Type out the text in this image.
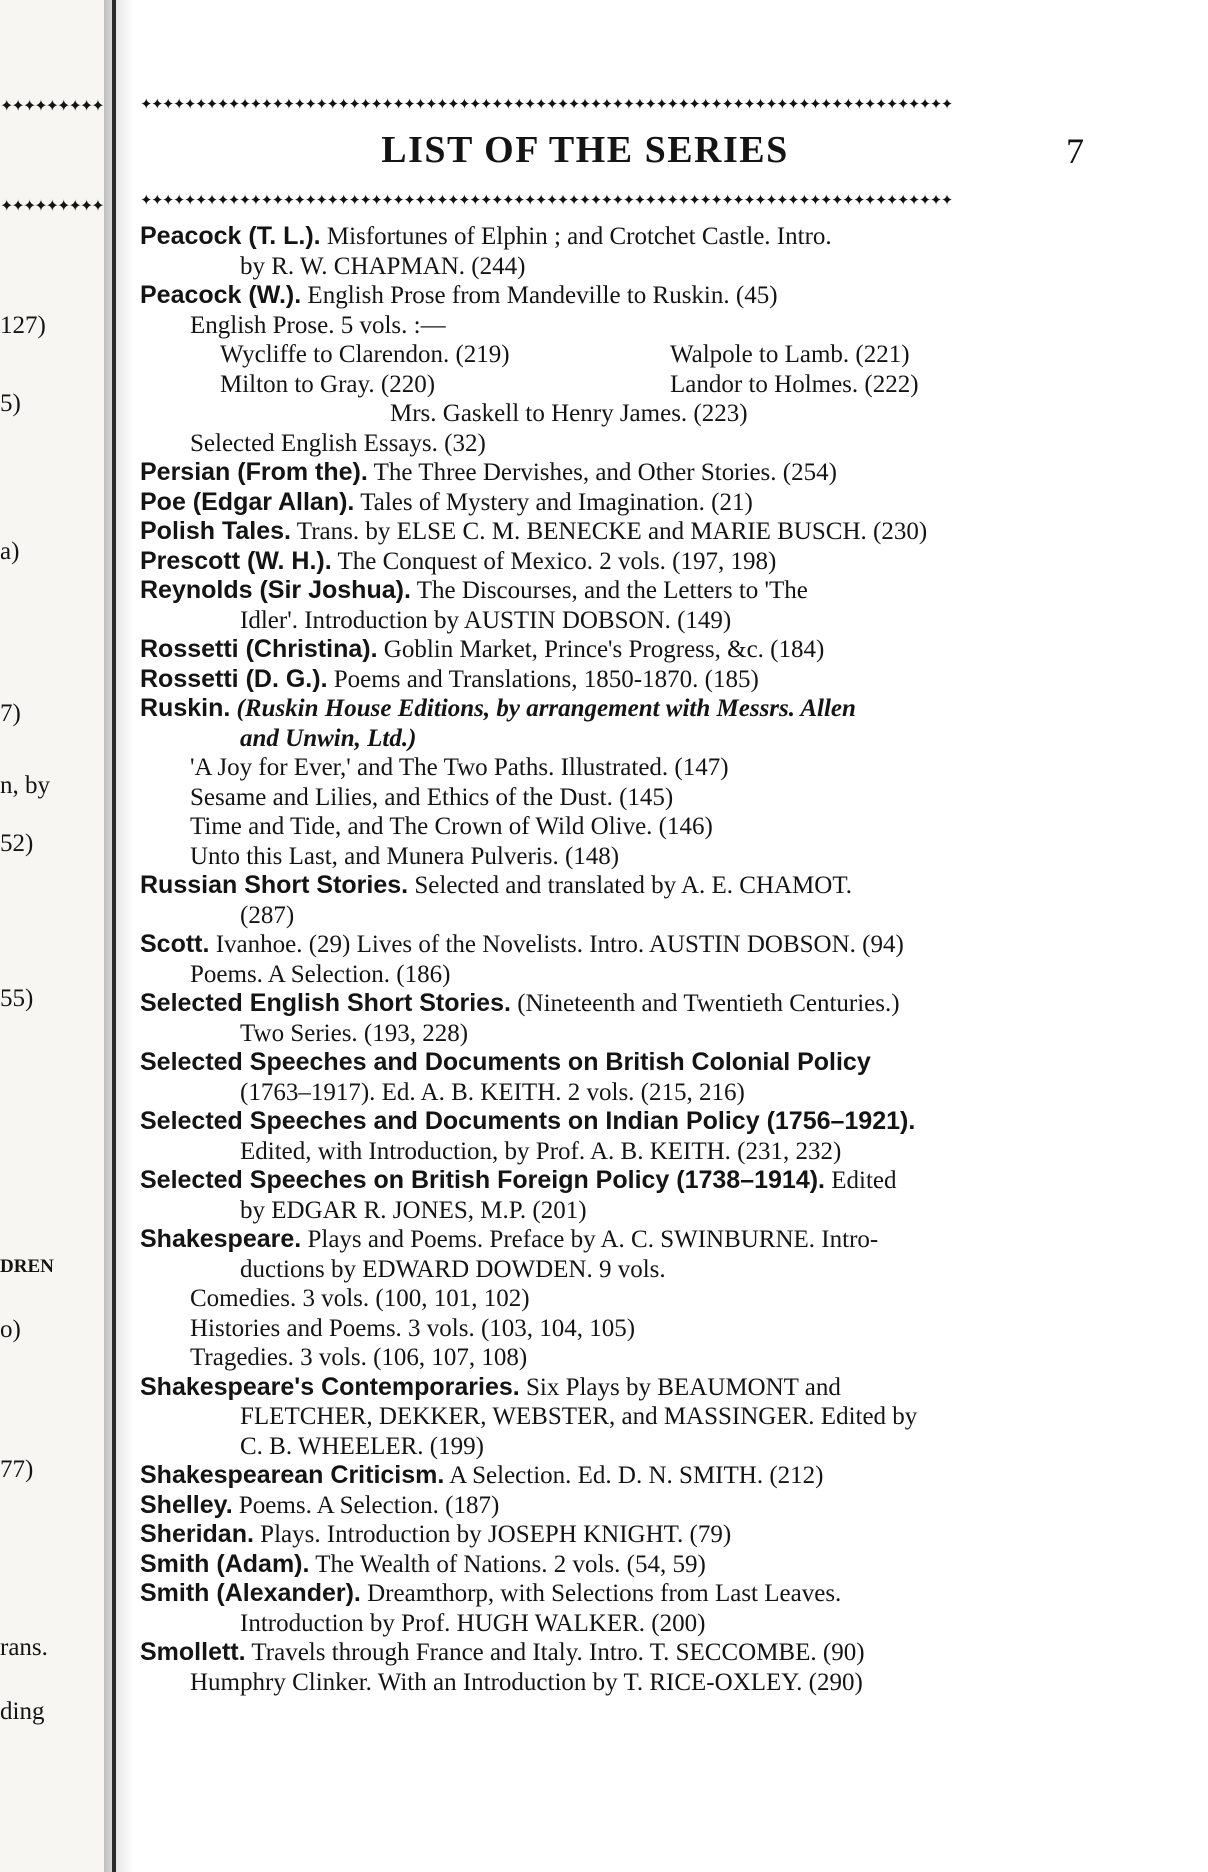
✦✦✦✦✦✦✦✦✦
✦✦✦✦✦✦✦✦✦
127)
5)
a)
7)
n, by
52)
55)
DREN
o)
77)
rans.
ding
✦✦✦✦✦✦✦✦✦✦✦✦✦✦✦✦✦✦✦✦✦✦✦✦✦✦✦✦✦✦✦✦✦✦✦✦✦✦✦✦✦✦✦✦✦✦✦✦✦✦✦✦✦✦✦✦✦✦✦✦✦✦✦✦✦✦✦✦✦✦✦✦✦✦
LIST OF THE SERIES	7
✦✦✦✦✦✦✦✦✦✦✦✦✦✦✦✦✦✦✦✦✦✦✦✦✦✦✦✦✦✦✦✦✦✦✦✦✦✦✦✦✦✦✦✦✦✦✦✦✦✦✦✦✦✦✦✦✦✦✦✦✦✦✦✦✦✦✦✦✦✦✦✦✦✦
Peacock (T. L.). Misfortunes of Elphin ; and Crotchet Castle. Intro.
by R. W. CHAPMAN. (244)
Peacock (W.). English Prose from Mandeville to Ruskin. (45)
English Prose. 5 vols. :—
Wycliffe to Clarendon. (219)	Walpole to Lamb. (221)
Milton to Gray. (220)	Landor to Holmes. (222)
Mrs. Gaskell to Henry James. (223)
Selected English Essays. (32)
Persian (From the). The Three Dervishes, and Other Stories. (254)
Poe (Edgar Allan). Tales of Mystery and Imagination. (21)
Polish Tales. Trans. by ELSE C. M. BENECKE and MARIE BUSCH. (230)
Prescott (W. H.). The Conquest of Mexico. 2 vols. (197, 198)
Reynolds (Sir Joshua). The Discourses, and the Letters to 'The
Idler'. Introduction by AUSTIN DOBSON. (149)
Rossetti (Christina). Goblin Market, Prince's Progress, &c. (184)
Rossetti (D. G.). Poems and Translations, 1850-1870. (185)
Ruskin. (Ruskin House Editions, by arrangement with Messrs. Allen
and Unwin, Ltd.)
'A Joy for Ever,' and The Two Paths. Illustrated. (147)
Sesame and Lilies, and Ethics of the Dust. (145)
Time and Tide, and The Crown of Wild Olive. (146)
Unto this Last, and Munera Pulveris. (148)
Russian Short Stories. Selected and translated by A. E. CHAMOT.
(287)
Scott. Ivanhoe. (29) Lives of the Novelists. Intro. AUSTIN DOBSON. (94)
Poems. A Selection. (186)
Selected English Short Stories. (Nineteenth and Twentieth Centuries.)
Two Series. (193, 228)
Selected Speeches and Documents on British Colonial Policy
(1763–1917). Ed. A. B. KEITH. 2 vols. (215, 216)
Selected Speeches and Documents on Indian Policy (1756–1921).
Edited, with Introduction, by Prof. A. B. KEITH. (231, 232)
Selected Speeches on British Foreign Policy (1738–1914). Edited
by EDGAR R. JONES, M.P. (201)
Shakespeare. Plays and Poems. Preface by A. C. SWINBURNE. Intro-
ductions by EDWARD DOWDEN. 9 vols.
Comedies. 3 vols. (100, 101, 102)
Histories and Poems. 3 vols. (103, 104, 105)
Tragedies. 3 vols. (106, 107, 108)
Shakespeare's Contemporaries. Six Plays by BEAUMONT and
FLETCHER, DEKKER, WEBSTER, and MASSINGER. Edited by
C. B. WHEELER. (199)
Shakespearean Criticism. A Selection. Ed. D. N. SMITH. (212)
Shelley. Poems. A Selection. (187)
Sheridan. Plays. Introduction by JOSEPH KNIGHT. (79)
Smith (Adam). The Wealth of Nations. 2 vols. (54, 59)
Smith (Alexander). Dreamthorp, with Selections from Last Leaves.
Introduction by Prof. HUGH WALKER. (200)
Smollett. Travels through France and Italy. Intro. T. SECCOMBE. (90)
Humphry Clinker. With an Introduction by T. RICE-OXLEY. (290)
